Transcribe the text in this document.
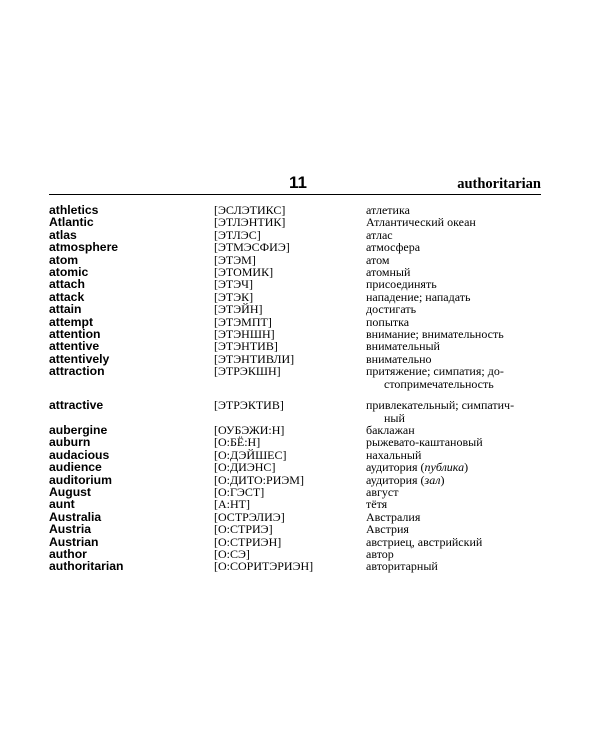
11	authoritarian
athletics	[ЭСЛЭТИКС]	атлетика
Atlantic	[ЭТЛЭНТИК]	Атлантический океан
atlas	[ЭТЛЭС]	атлас
atmosphere	[ЭТМЭСФИЭ]	атмосфера
atom	[ЭТЭМ]	атом
atomic	[ЭТОМИК]	атомный
attach	[ЭТЭЧ]	присоединять
attack	[ЭТЭК]	нападение; нападать
attain	[ЭТЭЙН]	достигать
attempt	[ЭТЭМПТ]	попытка
attention	[ЭТЭНШН]	внимание; внимательность
attentive	[ЭТЭНТИВ]	внимательный
attentively	[ЭТЭНТИВЛИ]	внимательно
attraction	[ЭТРЭКШН]	притяжение; симпатия; до-
стопримечательность
attractive	[ЭТРЭКТИВ]	привлекательный; симпатич-
ный
aubergine	[ОУБЭЖИ:Н]	баклажан
auburn	[О:БЁ:Н]	рыжевато-каштановый
audacious	[О:ДЭЙШЕС]	нахальный
audience	[О:ДИЭНС]	аудитория (публика)
auditorium	[О:ДИТО:РИЭМ]	аудитория (зал)
August	[О:ГЭСТ]	август
aunt	[А:НТ]	тётя
Australia	[ОСТРЭЛИЭ]	Австралия
Austria	[О:СТРИЭ]	Австрия
Austrian	[О:СТРИЭН]	австриец, австрийский
author	[О:СЭ]	автор
authoritarian	[О:СОРИТЭРИЭН]	авторитарный
